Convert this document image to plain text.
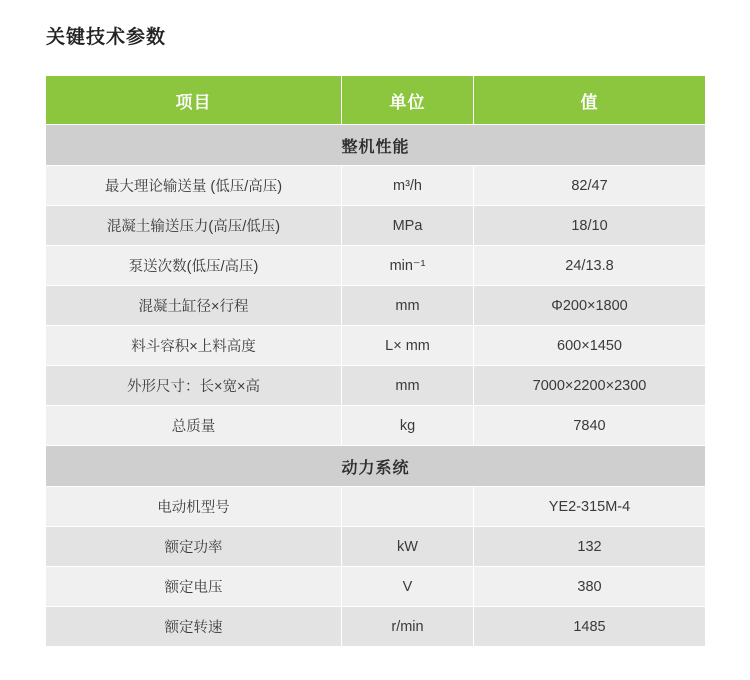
关键技术参数
项目	单位	值
整机性能		
最大理论输送量 (低压/高压)	m³/h	82/47
混凝土输送压力(高压/低压)	MPa	18/10
泵送次数(低压/高压)	min⁻¹	24/13.8
混凝土缸径×行程	mm	Φ200×1800
料斗容积×上料高度	L× mm	600×1450
外形尺寸：长×宽×高	mm	7000×2200×2300
总质量	kg	7840
动力系统		
电动机型号		YE2-315M-4
额定功率	kW	132
额定电压	V	380
额定转速	r/min	1485
